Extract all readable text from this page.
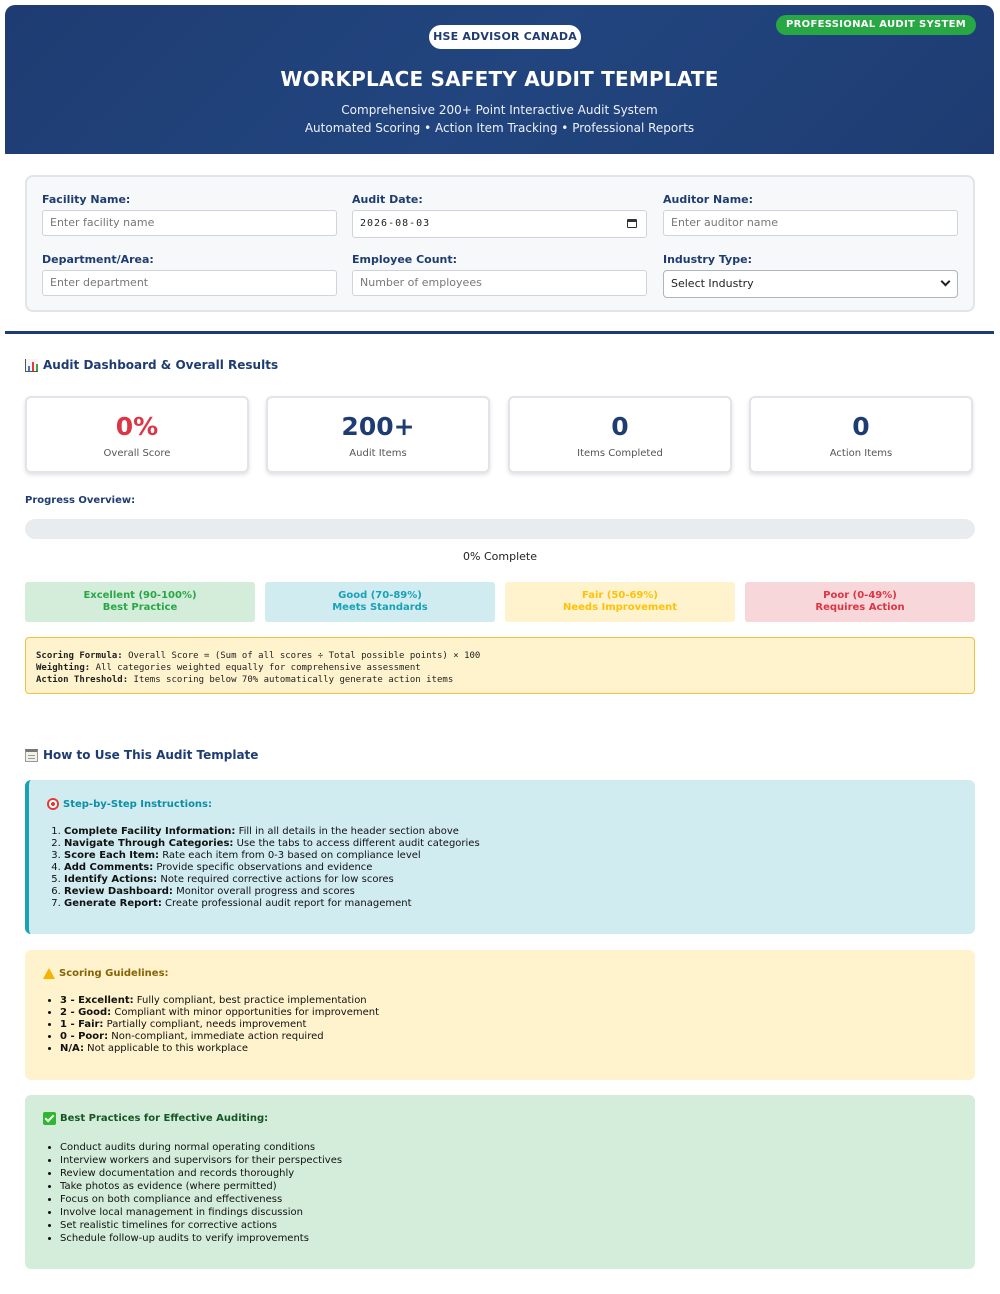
HSE ADVISOR CANADA
PROFESSIONAL AUDIT SYSTEM
WORKPLACE SAFETY AUDIT TEMPLATE
Comprehensive 200+ Point Interactive Audit System
Automated Scoring • Action Item Tracking • Professional Reports
Facility Name:
Enter facility name
Audit Date:
2026-08-03
Auditor Name:
Enter auditor name
Department/Area:
Enter department
Employee Count:
Number of employees
Industry Type:
Select Industry
Audit Dashboard & Overall Results
0%
Overall Score
200+
Audit Items
0
Items Completed
0
Action Items
Progress Overview:
0% Complete
Excellent (90-100%)
Best Practice
Good (70-89%)
Meets Standards
Fair (50-69%)
Needs Improvement
Poor (0-49%)
Requires Action
Scoring Formula: Overall Score = (Sum of all scores ÷ Total possible points) × 100
Weighting: All categories weighted equally for comprehensive assessment
Action Threshold: Items scoring below 70% automatically generate action items
How to Use This Audit Template
Step-by-Step Instructions:
1. Complete Facility Information: Fill in all details in the header section above
2. Navigate Through Categories: Use the tabs to access different audit categories
3. Score Each Item: Rate each item from 0-3 based on compliance level
4. Add Comments: Provide specific observations and evidence
5. Identify Actions: Note required corrective actions for low scores
6. Review Dashboard: Monitor overall progress and scores
7. Generate Report: Create professional audit report for management
Scoring Guidelines:
• 3 - Excellent: Fully compliant, best practice implementation
• 2 - Good: Compliant with minor opportunities for improvement
• 1 - Fair: Partially compliant, needs improvement
• 0 - Poor: Non-compliant, immediate action required
• N/A: Not applicable to this workplace
Best Practices for Effective Auditing:
• Conduct audits during normal operating conditions
• Interview workers and supervisors for their perspectives
• Review documentation and records thoroughly
• Take photos as evidence (where permitted)
• Focus on both compliance and effectiveness
• Involve local management in findings discussion
• Set realistic timelines for corrective actions
• Schedule follow-up audits to verify improvements
